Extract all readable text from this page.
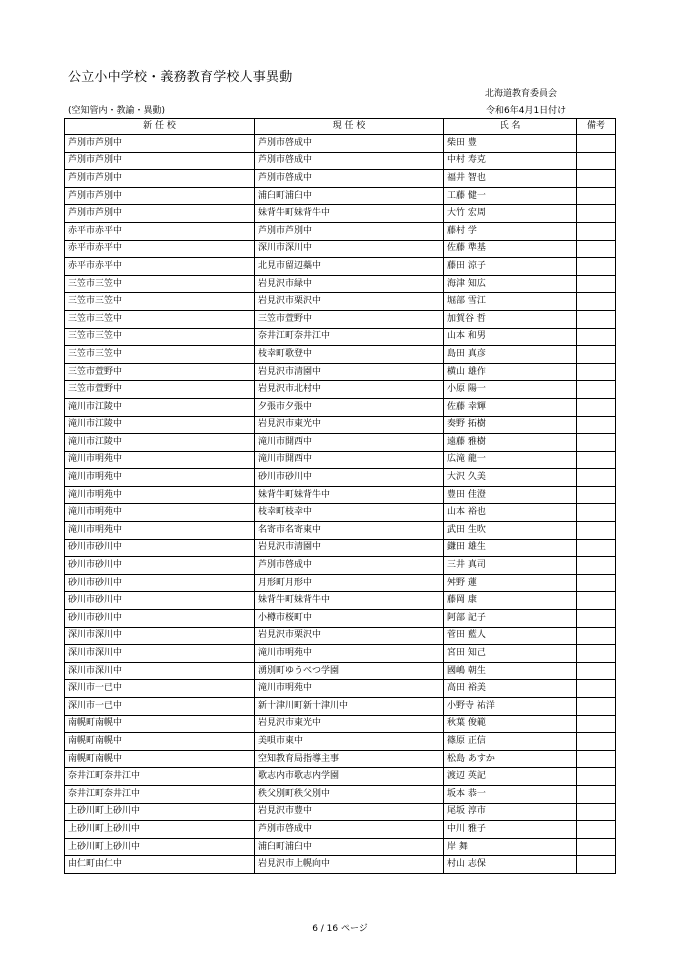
公立小中学校・義務教育学校人事異動
北海道教育委員会
(空知管内・教諭・異動)	令和6年4月1日付け
新 任 校	現 任 校	氏 名	備考
芦別市芦別中	芦別市啓成中	柴田 豊	
芦別市芦別中	芦別市啓成中	中村 寿克	
芦別市芦別中	芦別市啓成中	福井 智也	
芦別市芦別中	浦臼町浦臼中	工藤 健一	
芦別市芦別中	妹背牛町妹背牛中	大竹 宏周	
赤平市赤平中	芦別市芦別中	藤村 学	
赤平市赤平中	深川市深川中	佐藤 準基	
赤平市赤平中	北見市留辺蘂中	藤田 涼子	
三笠市三笠中	岩見沢市緑中	海津 知広	
三笠市三笠中	岩見沢市栗沢中	堀部 雪江	
三笠市三笠中	三笠市萱野中	加賀谷 哲	
三笠市三笠中	奈井江町奈井江中	山本 和男	
三笠市三笠中	枝幸町歌登中	島田 真彦	
三笠市萱野中	岩見沢市清園中	横山 雄作	
三笠市萱野中	岩見沢市北村中	小原 陽一	
滝川市江陵中	夕張市夕張中	佐藤 幸輝	
滝川市江陵中	岩見沢市東光中	奏野 拓樹	
滝川市江陵中	滝川市開西中	遠藤 雅樹	
滝川市明苑中	滝川市開西中	広滝 龍一	
滝川市明苑中	砂川市砂川中	大沢 久美	
滝川市明苑中	妹背牛町妹背牛中	豊田 佳澄	
滝川市明苑中	枝幸町枝幸中	山本 裕也	
滝川市明苑中	名寄市名寄東中	武田 生吹	
砂川市砂川中	岩見沢市清園中	鎌田 雄生	
砂川市砂川中	芦別市啓成中	三井 真司	
砂川市砂川中	月形町月形中	舛野 蓮	
砂川市砂川中	妹背牛町妹背牛中	藤岡 康	
砂川市砂川中	小樽市桜町中	阿部 記子	
深川市深川中	岩見沢市栗沢中	菅田 藍人	
深川市深川中	滝川市明苑中	宮田 知己	
深川市深川中	湧別町ゆうべつ学園	國嶋 朝生	
深川市一已中	滝川市明苑中	高田 裕美	
深川市一已中	新十津川町新十津川中	小野寺 祐洋	
南幌町南幌中	岩見沢市東光中	秋葉 俊範	
南幌町南幌中	美唄市東中	篠原 正信	
南幌町南幌中	空知教育局指導主事	松島 あすか	
奈井江町奈井江中	歌志内市歌志内学園	渡辺 英記	
奈井江町奈井江中	秩父別町秩父別中	坂本 恭一	
上砂川町上砂川中	岩見沢市豊中	尾坂 淳市	
上砂川町上砂川中	芦別市啓成中	中川 雅子	
上砂川町上砂川中	浦臼町浦臼中	岸 舞	
由仁町由仁中	岩見沢市上幌向中	村山 志保	
6 / 16 ページ
